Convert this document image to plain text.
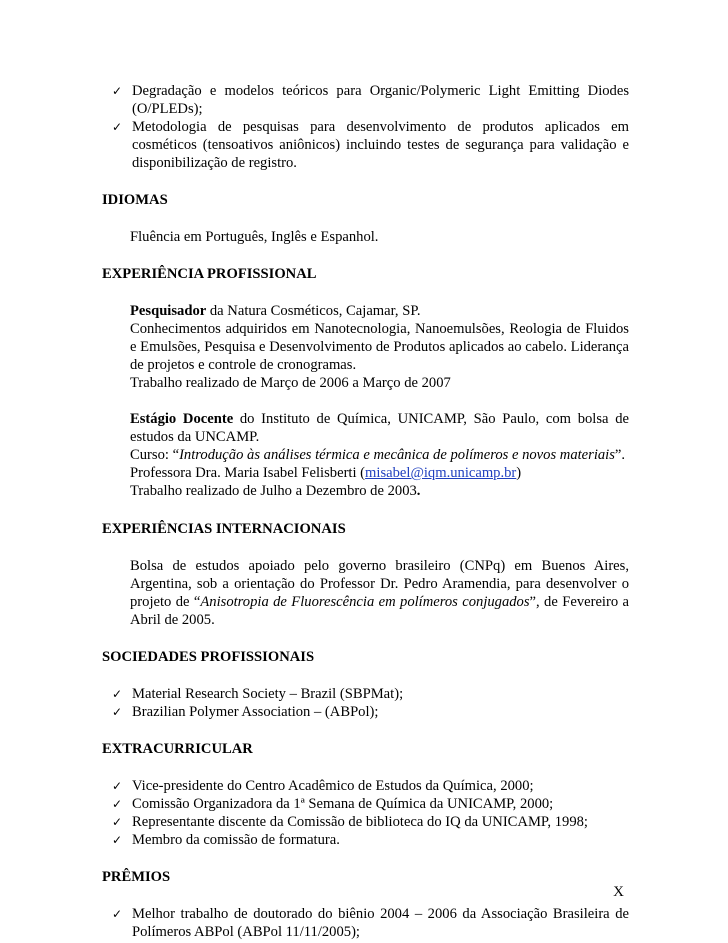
✓ Degradação e modelos teóricos para Organic/Polymeric Light Emitting Diodes (O/PLEDs);
✓ Metodologia de pesquisas para desenvolvimento de produtos aplicados em cosméticos (tensoativos aniônicos) incluindo testes de segurança para validação e disponibilização de registro.

IDIOMAS

Fluência em Português, Inglês e Espanhol.

EXPERIÊNCIA PROFISSIONAL

Pesquisador da Natura Cosméticos, Cajamar, SP.

Conhecimentos adquiridos em Nanotecnologia, Nanoemulsões, Reologia de Fluidos e Emulsões, Pesquisa e Desenvolvimento de Produtos aplicados ao cabelo. Liderança de projetos e controle de cronogramas.

Trabalho realizado de Março de 2006 a Março de 2007

Estágio Docente do Instituto de Química, UNICAMP, São Paulo, com bolsa de estudos da UNCAMP.

Curso: “Introdução às análises térmica e mecânica de polímeros e novos materiais”.

Professora Dra. Maria Isabel Felisberti (misabel@iqm.unicamp.br)

Trabalho realizado de Julho a Dezembro de 2003.

EXPERIÊNCIAS INTERNACIONAIS

Bolsa de estudos apoiado pelo governo brasileiro (CNPq) em Buenos Aires, Argentina, sob a orientação do Professor Dr. Pedro Aramendia, para desenvolver o projeto de “Anisotropia de Fluorescência em polímeros conjugados”, de Fevereiro a Abril de 2005.

SOCIEDADES PROFISSIONAIS

✓ Material Research Society – Brazil (SBPMat);
✓ Brazilian Polymer Association – (ABPol);

EXTRACURRICULAR

✓ Vice-presidente do Centro Acadêmico de Estudos da Química, 2000;
✓ Comissão Organizadora da 1ª Semana de Química da UNICAMP, 2000;
✓ Representante discente da Comissão de biblioteca do IQ da UNICAMP, 1998;
✓ Membro da comissão de formatura.

PRÊMIOS

✓ Melhor trabalho de doutorado do biênio 2004 – 2006 da Associação Brasileira de Polímeros ABPol (ABPol 11/11/2005);
X
